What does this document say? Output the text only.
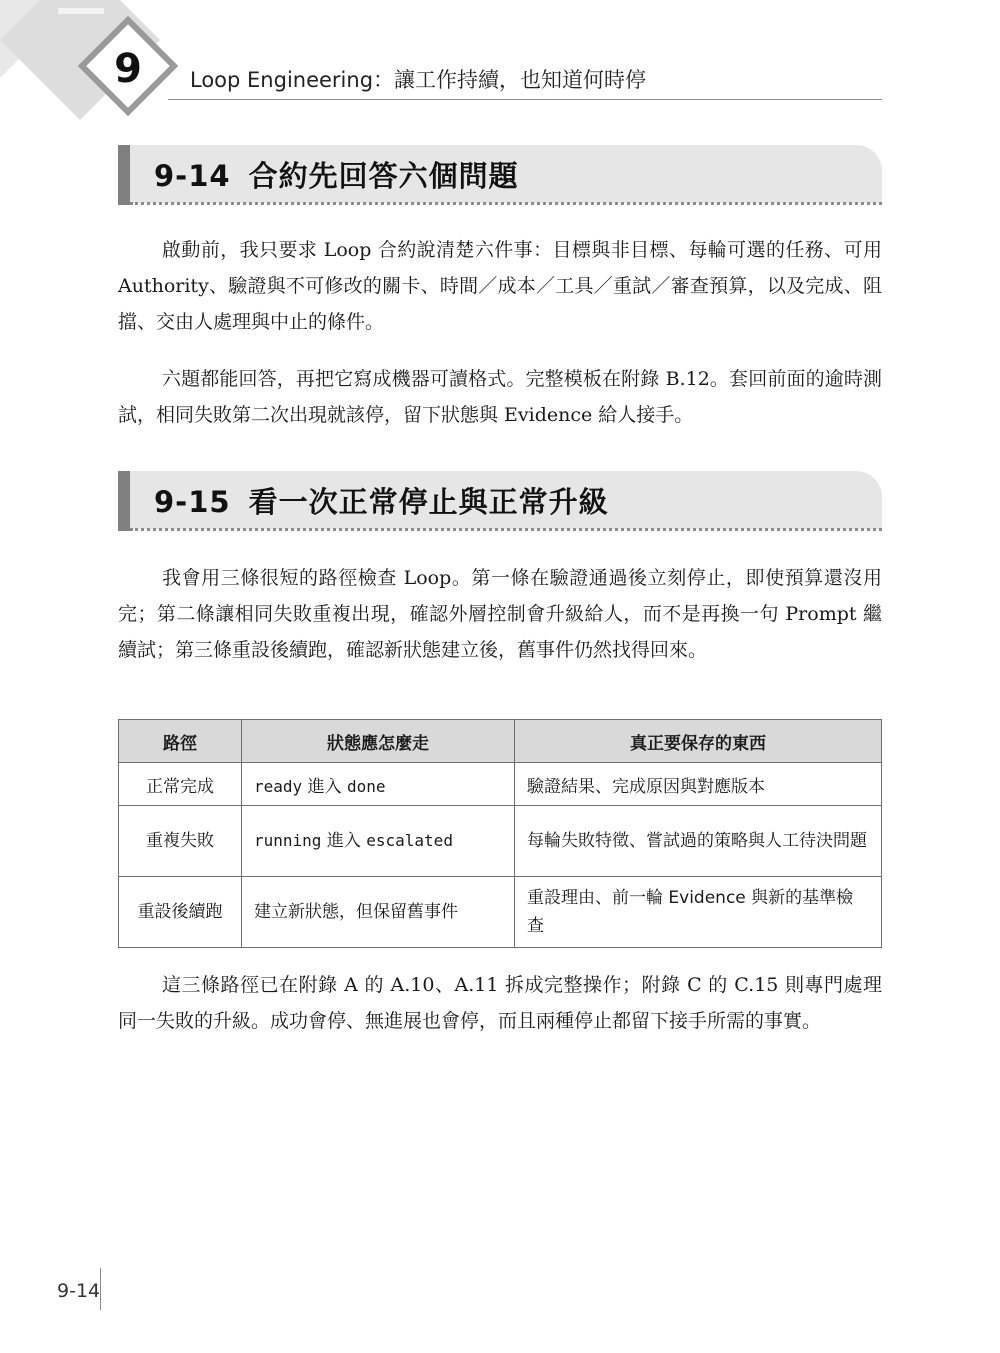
9 Loop Engineering：讓工作持續，也知道何時停
9-14 合約先回答六個問題

啟動前，我只要求 Loop 合約說清楚六件事：目標與非目標、每輪可選的任務、可用 Authority、驗證與不可修改的關卡、時間／成本／工具／重試／審查預算，以及完成、阻擋、交由人處理與中止的條件。

六題都能回答，再把它寫成機器可讀格式。完整模板在附錄 B.12。套回前面的逾時測試，相同失敗第二次出現就該停，留下狀態與 Evidence 給人接手。

9-15 看一次正常停止與正常升級

我會用三條很短的路徑檢查 Loop。第一條在驗證通過後立刻停止，即使預算還沒用完；第二條讓相同失敗重複出現，確認外層控制會升級給人，而不是再換一句 Prompt 繼續試；第三條重設後續跑，確認新狀態建立後，舊事件仍然找得回來。

路徑	狀態應怎麼走	真正要保存的東西
正常完成	ready 進入 done	驗證結果、完成原因與對應版本
重複失敗	running 進入 escalated	每輪失敗特徵、嘗試過的策略與人工待決問題
重設後續跑	建立新狀態，但保留舊事件	重設理由、前一輪 Evidence 與新的基準檢查

這三條路徑已在附錄 A 的 A.10、A.11 拆成完整操作；附錄 C 的 C.15 則專門處理同一失敗的升級。成功會停、無進展也會停，而且兩種停止都留下接手所需的事實。

9-14
